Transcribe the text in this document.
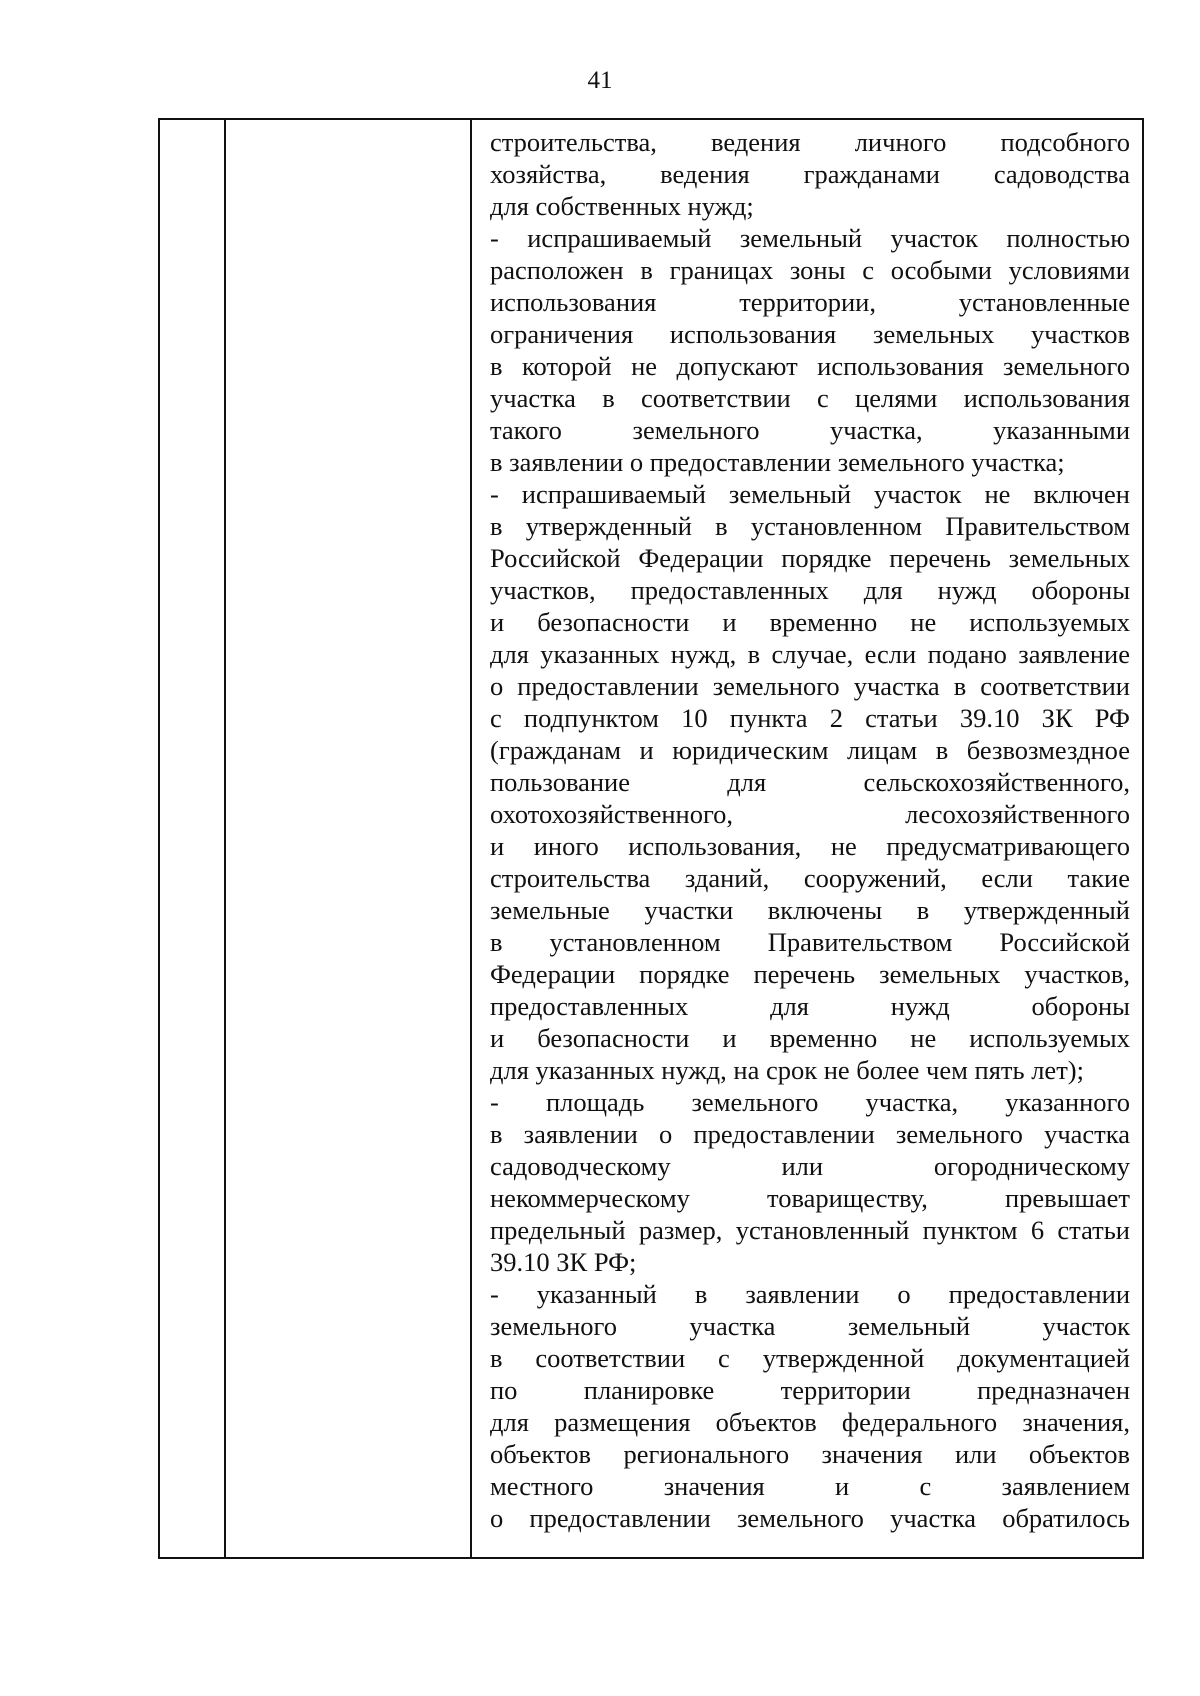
41
строительства, ведения личного подсобного
хозяйства, ведения гражданами садоводства
для собственных нужд;
- испрашиваемый земельный участок полностью
расположен в границах зоны с особыми условиями
использования территории, установленные
ограничения использования земельных участков
в которой не допускают использования земельного
участка в соответствии с целями использования
такого земельного участка, указанными
в заявлении о предоставлении земельного участка;
- испрашиваемый земельный участок не включен
в утвержденный в установленном Правительством
Российской Федерации порядке перечень земельных
участков, предоставленных для нужд обороны
и безопасности и временно не используемых
для указанных нужд, в случае, если подано заявление
о предоставлении земельного участка в соответствии
с подпунктом 10 пункта 2 статьи 39.10 ЗК РФ
(гражданам и юридическим лицам в безвозмездное
пользование для сельскохозяйственного,
охотохозяйственного, лесохозяйственного
и иного использования, не предусматривающего
строительства зданий, сооружений, если такие
земельные участки включены в утвержденный
в установленном Правительством Российской
Федерации порядке перечень земельных участков,
предоставленных для нужд обороны
и безопасности и временно не используемых
для указанных нужд, на срок не более чем пять лет);
- площадь земельного участка, указанного
в заявлении о предоставлении земельного участка
садоводческому или огородническому
некоммерческому товариществу, превышает
предельный размер, установленный пунктом 6 статьи
39.10 ЗК РФ;
- указанный в заявлении о предоставлении
земельного участка земельный участок
в соответствии с утвержденной документацией
по планировке территории предназначен
для размещения объектов федерального значения,
объектов регионального значения или объектов
местного значения и с заявлением
о предоставлении земельного участка обратилось
